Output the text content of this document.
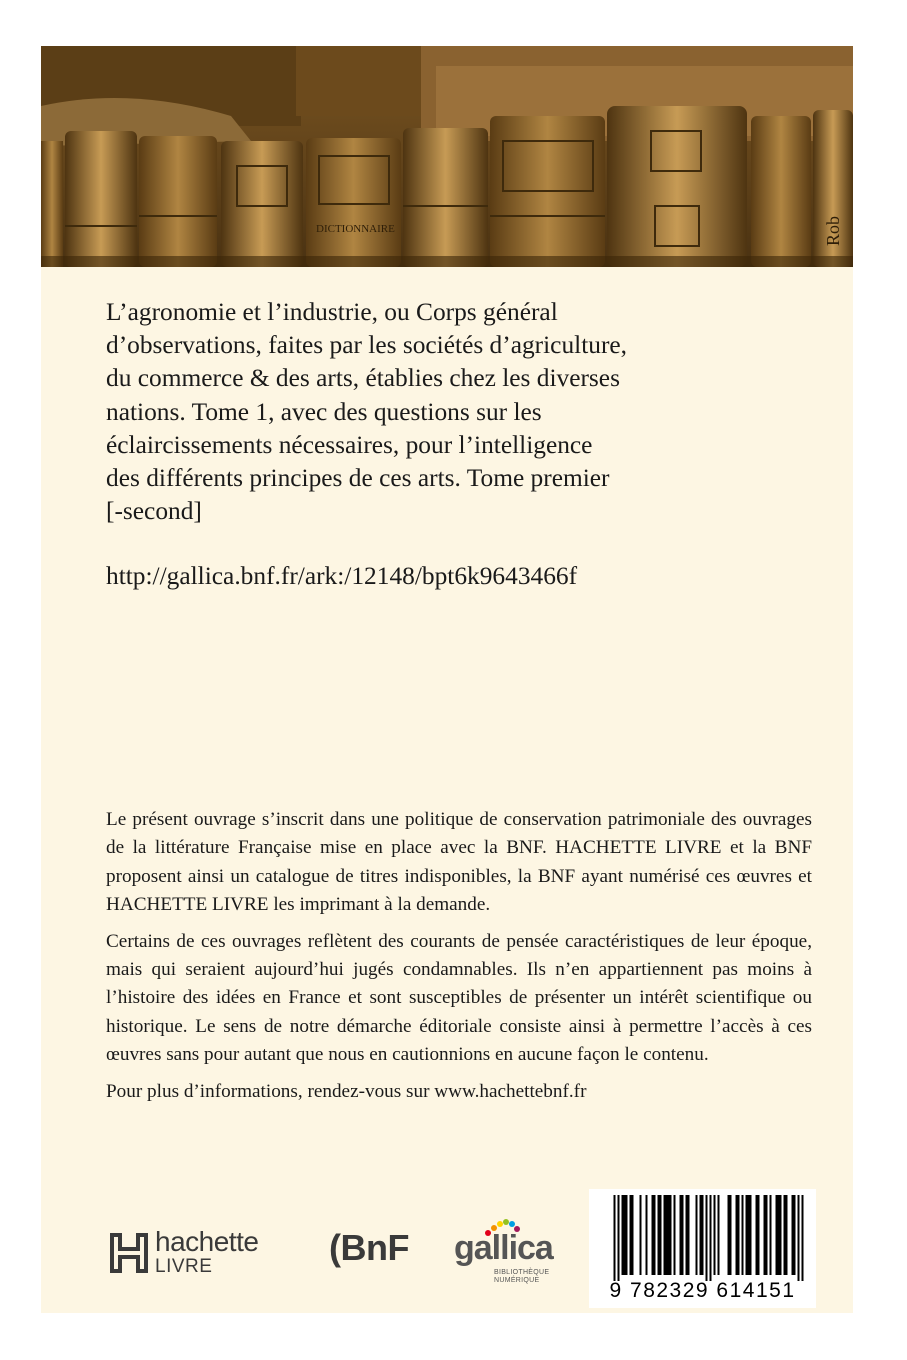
DICTIONNAIRE	Rob

L’agronomie et l’industrie, ou Corps général

d’observations, faites par les sociétés d’agriculture,

du commerce & des arts, établies chez les diverses

nations. Tome 1, avec des questions sur les

éclaircissements nécessaires, pour l’intelligence

des différents principes de ces arts. Tome premier

[-second]

http://gallica.bnf.fr/ark:/12148/bpt6k9643466f

Le présent ouvrage s’inscrit dans une politique de conservation patrimoniale des ouvrages de la littérature Française mise en place avec la BNF. HACHETTE LIVRE et la BNF proposent ainsi un catalogue de titres indisponibles, la BNF ayant numérisé ces œuvres et HACHETTE LIVRE les imprimant à la demande.

Certains de ces ouvrages reflètent des courants de pensée caractéristiques de leur époque, mais qui seraient aujourd’hui jugés condamnables. Ils n’en appartiennent pas moins à l’histoire des idées en France et sont susceptibles de présenter un intérêt scientifique ou historique. Le sens de notre démarche éditoriale consiste ainsi à permettre l’accès à ces œuvres sans pour autant que nous en cautionnions en aucune façon le contenu.

Pour plus d’informations, rendez-vous sur www.hachettebnf.fr

hachette
LIVRE	(BnF gallica
BIBLIOTHÈQUE
NUMÉRIQUE	9 782329 614151
